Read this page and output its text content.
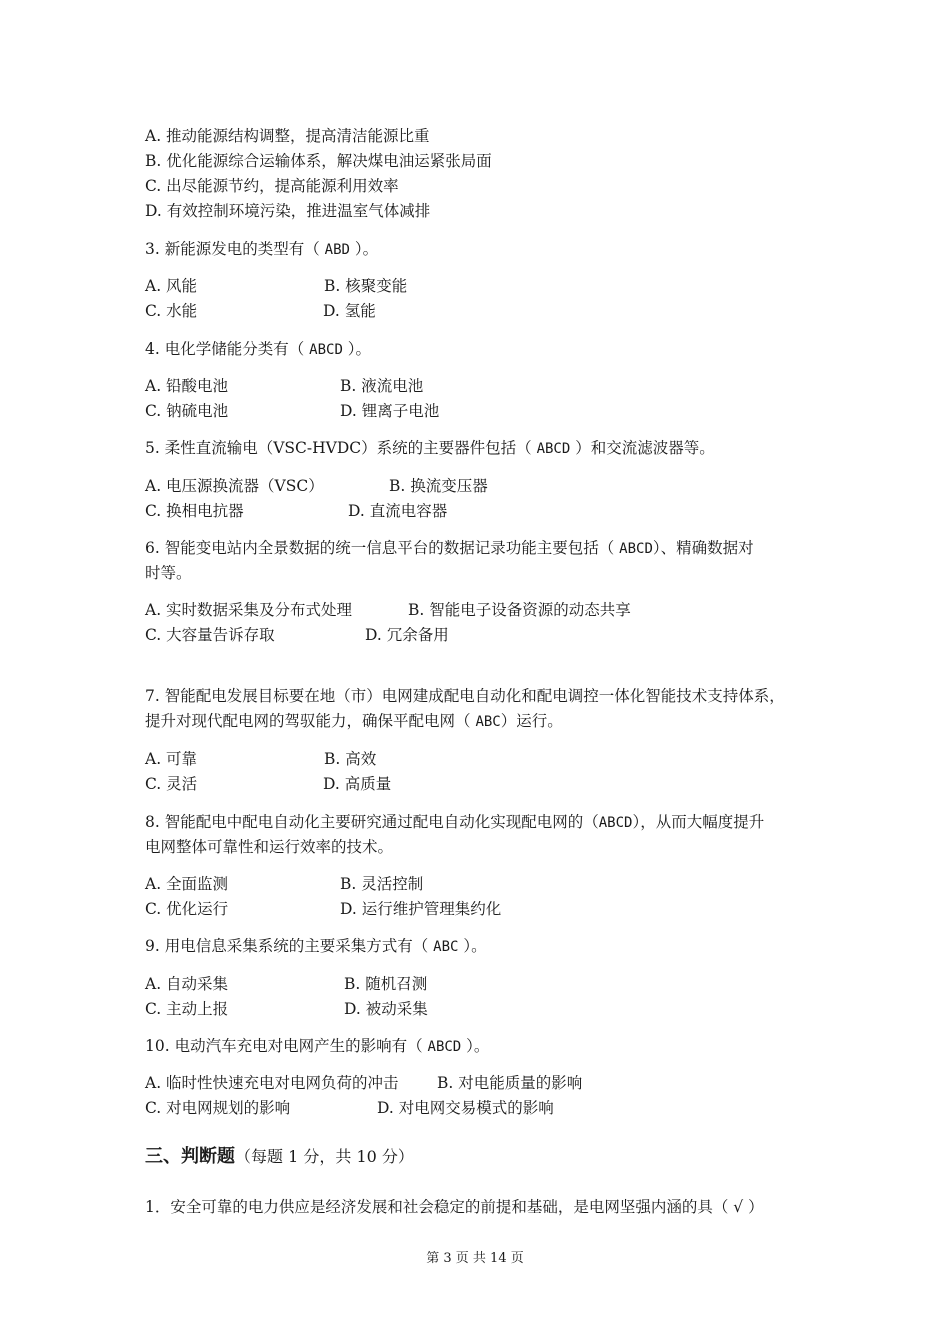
A. 推动能源结构调整，提高清洁能源比重
B. 优化能源综合运输体系，解决煤电油运紧张局面
C. 出尽能源节约，提高能源利用效率
D. 有效控制环境污染，推进温室气体减排
3. 新能源发电的类型有（ ABD ）。
A. 风能	B. 核聚变能
C. 水能	D. 氢能
4. 电化学储能分类有（ ABCD ）。
A. 铅酸电池	B. 液流电池
C. 钠硫电池	D. 锂离子电池
5. 柔性直流输电（VSC-HVDC）系统的主要器件包括（ ABCD ）和交流滤波器等。
A. 电压源换流器（VSC）	B. 换流变压器
C. 换相电抗器	D. 直流电容器
6. 智能变电站内全景数据的统一信息平台的数据记录功能主要包括（ ABCD）、精确数据对
时等。
A. 实时数据采集及分布式处理	B. 智能电子设备资源的动态共享
C. 大容量告诉存取	D. 冗余备用
7. 智能配电发展目标要在地（市）电网建成配电自动化和配电调控一体化智能技术支持体系，
提升对现代配电网的驾驭能力，确保平配电网（ ABC）运行。
A. 可靠	B. 高效
C. 灵活	D. 高质量
8. 智能配电中配电自动化主要研究通过配电自动化实现配电网的（ABCD），从而大幅度提升
电网整体可靠性和运行效率的技术。
A. 全面监测	B. 灵活控制
C. 优化运行	D. 运行维护管理集约化
9. 用电信息采集系统的主要采集方式有（ ABC ）。
A. 自动采集	B. 随机召测
C. 主动上报	D. 被动采集
10. 电动汽车充电对电网产生的影响有（ ABCD ）。
A. 临时性快速充电对电网负荷的冲击 B. 对电能质量的影响
C. 对电网规划的影响	D. 对电网交易模式的影响
三、判断题（每题 1 分，共 10 分）
1．安全可靠的电力供应是经济发展和社会稳定的前提和基础，是电网坚强内涵的具（ √ ）
第 3 页 共 14 页
